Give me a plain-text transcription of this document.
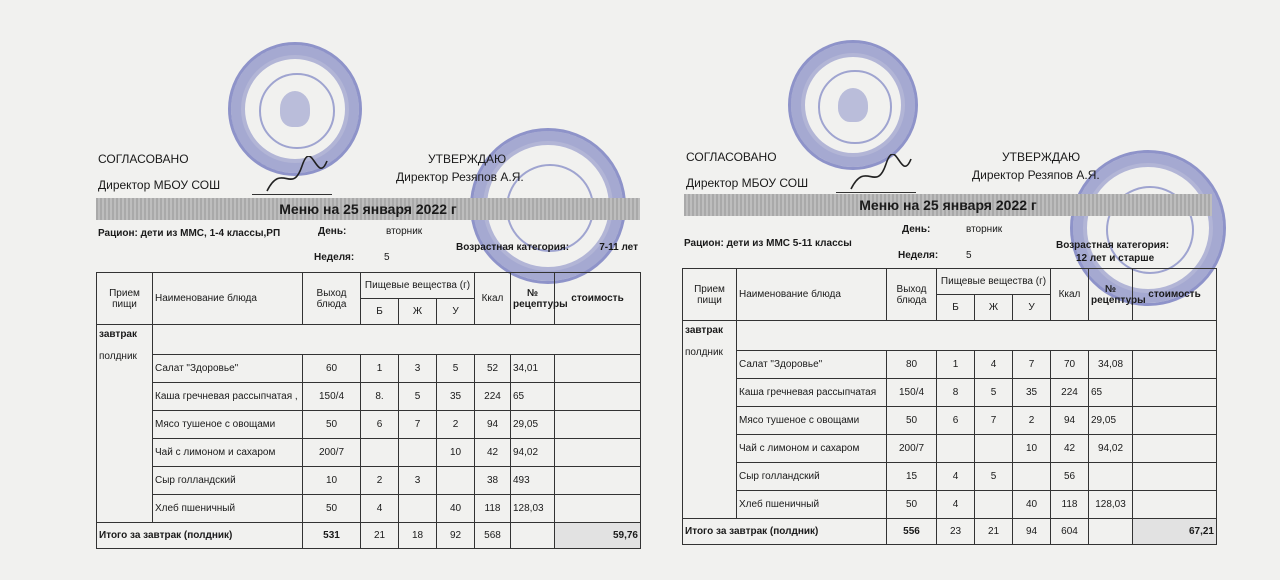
СОГЛАСОВАНО	УТВЕРЖДАЮ
Директор МБОУ СОШ
Директор Резяпов А.Я.
Меню на 25 января 2022 г
Рацион: дети из ММС, 1-4 классы,РП	День:	вторник
Неделя:	5
Возрастная категория:	7-11 лет
Прием пищи	Наименование блюда	Выход блюда	Пищевые вещества (г)			Ккал	№ рецептуры	стоимость
			Б	Ж	У			
завтрак

полдник								
	Салат "Здоровье"	60	1	3	5	52	34,01	
	Каша гречневая рассыпчатая ,	150/4	8.	5	35	224	65	
	Мясо тушеное с овощами	50	6	7	2	94	29,05	
	Чай с лимоном и сахаром	200/7			10	42	94,02	
	Сыр голландский	10	2	3		38	493	
	Хлеб пшеничный	50	4		40	118	128,03	
Итого за завтрак (полдник)		531	21	18	92	568		59,76
СОГЛАСОВАНО	УТВЕРЖДАЮ
Директор МБОУ СОШ
Директор Резяпов А.Я.
Меню на 25 января 2022 г
Рацион: дети из ММС 5-11 классы
День:	вторник
Неделя:	5
Возрастная категория:
12 лет и старше
Прием пищи	Наименование блюда	Выход блюда	Пищевые вещества (г)			Ккал	№ рецептуры	стоимость
			Б	Ж	У			
завтрак

полдник								
	Салат "Здоровье"	80	1	4	7	70	34,08	
	Каша гречневая рассыпчатая	150/4	8	5	35	224	65	
	Мясо тушеное с овощами	50	6	7	2	94	29,05	
	Чай с лимоном и сахаром	200/7			10	42	94,02	
	Сыр голландский	15	4	5		56		
	Хлеб пшеничный	50	4		40	118	128,03	
Итого за завтрак (полдник)		556	23	21	94	604		67,21
